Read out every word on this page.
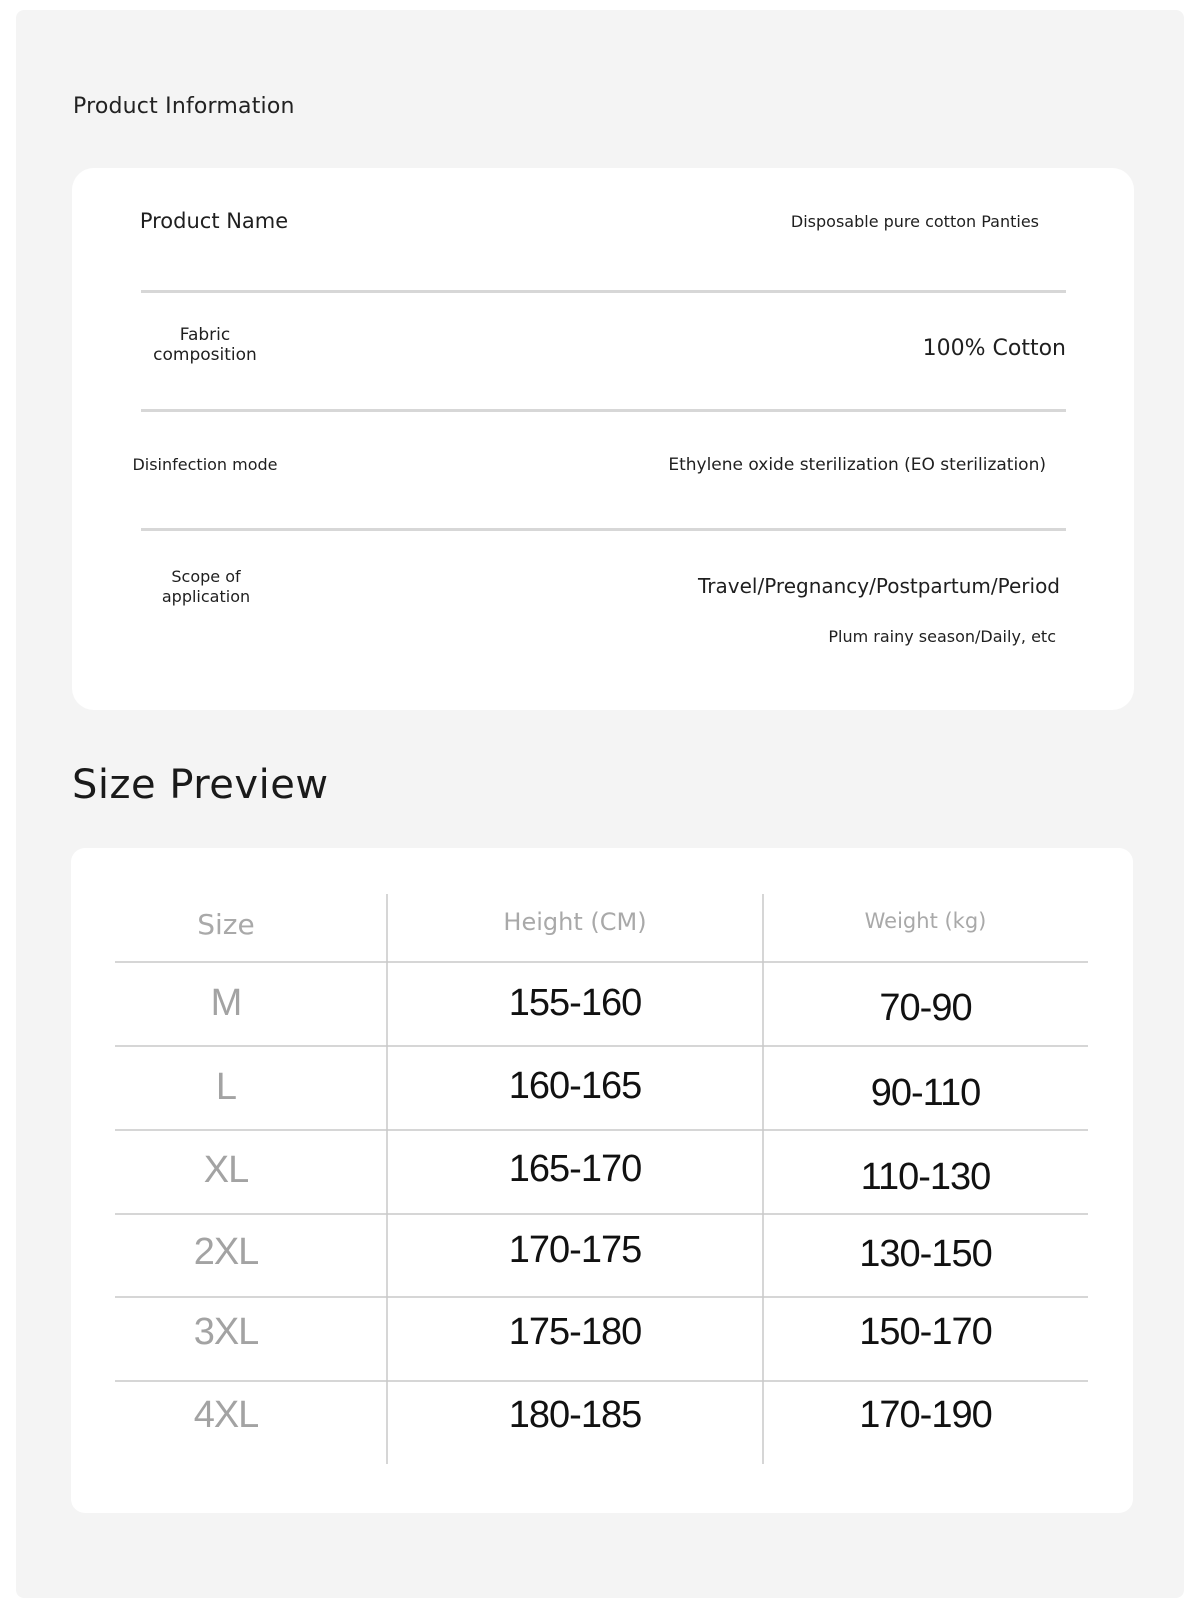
Product Information
Product Name	Disposable pure cotton Panties
Fabric
composition	100% Cotton
Disinfection mode	Ethylene oxide sterilization (EO sterilization)
Scope of
application	Travel/Pregnancy/Postpartum/Period
Plum rainy season/Daily, etc
Size Preview
Size	Height (CM)	Weight (kg)
M	155-160	70-90
L	160-165	90-110
XL	165-170	110-130
2XL	170-175	130-150
3XL	175-180	150-170
4XL	180-185	170-190
